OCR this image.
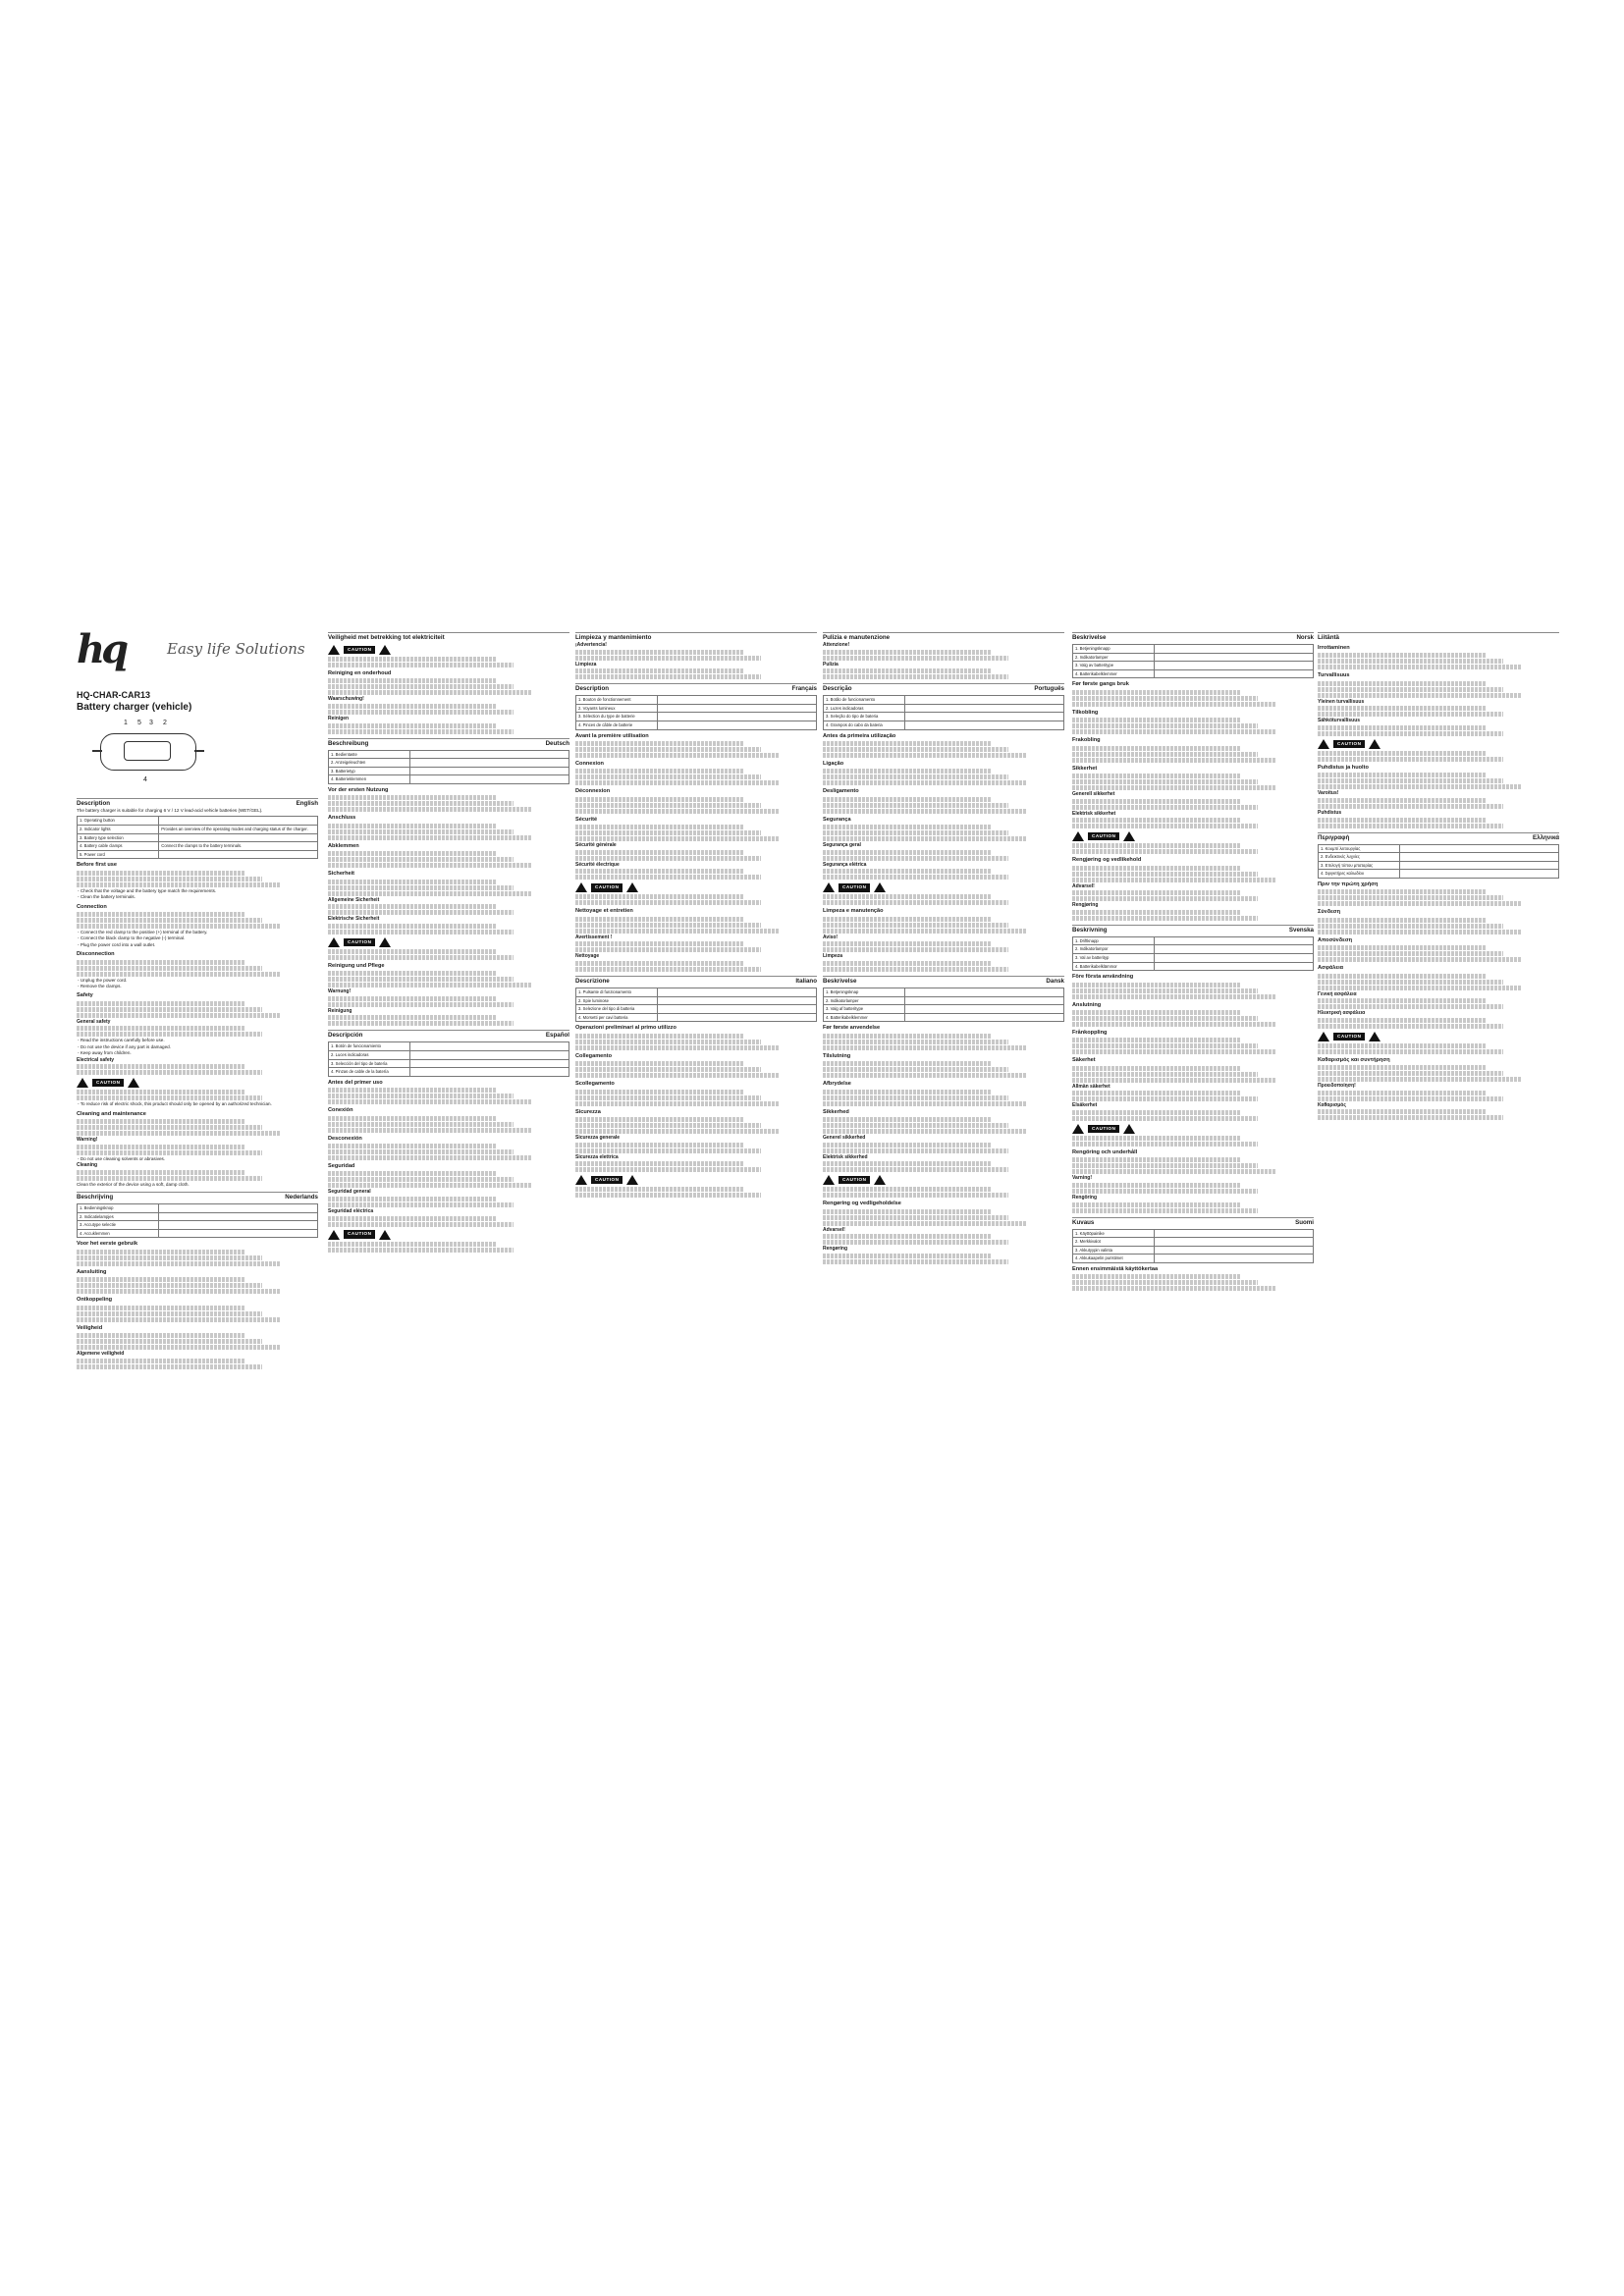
hq	Easy life Solutions
HQ-CHAR-CAR13
Battery charger (vehicle)
1 5 3 2
4
Description	English
The battery charger is suitable for charging 6 V / 12 V lead-acid vehicle batteries (WET/GEL).
1. Operating button	
2. Indicator lights	Provides an overview of the operating modes and charging status of the charger.
3. Battery type selection	
4. Battery cable clamps	Connect the clamps to the battery terminals.
5. Power cord	
Before first use
- Check that the voltage and the battery type match the requirements.
- Clean the battery terminals.
Connection
- Connect the red clamp to the positive (+) terminal of the battery.
- Connect the black clamp to the negative (-) terminal.
- Plug the power cord into a wall outlet.
Disconnection
- Unplug the power cord.
- Remove the clamps.
Safety
General safety
- Read the instructions carefully before use.
- Do not use the device if any part is damaged.
- Keep away from children.
Electrical safety
CAUTION
- To reduce risk of electric shock, this product should only be opened by an authorized technician.
Cleaning and maintenance
Warning!
- Do not use cleaning solvents or abrasives.
Cleaning
Clean the exterior of the device using a soft, damp cloth.
Beschrijving	Nederlands
1. Bedieningsknop	
2. Indicatielampjes	
3. Accutype selectie	
4. Accuklemmen	
Voor het eerste gebruik
Aansluiting
Ontkoppeling
Veiligheid
Algemene veiligheid
Veiligheid met betrekking tot elektriciteit
CAUTION
Reiniging en onderhoud
Waarschuwing!
Reinigen
Beschreibung	Deutsch
1. Bedientaste	
2. Anzeigeleuchten	
3. Batterietyp	
4. Batterieklemmen	
Vor der ersten Nutzung
Anschluss
Abklemmen
Sicherheit
Allgemeine Sicherheit
Elektrische Sicherheit
CAUTION
Reinigung und Pflege
Warnung!
Reinigung
Descripción	Español
1. Botón de funcionamiento	
2. Luces indicadoras	
3. Selección del tipo de batería	
4. Pinzas de cable de la batería	
Antes del primer uso
Conexión
Desconexión
Seguridad
Seguridad general
Seguridad eléctrica
CAUTION
Limpieza y mantenimiento
¡Advertencia!
Limpieza
Description	Français
1. Bouton de fonctionnement	
2. Voyants lumineux	
3. Sélection du type de batterie	
4. Pinces de câble de batterie	
Avant la première utilisation
Connexion
Déconnexion
Sécurité
Sécurité générale
Sécurité électrique
CAUTION
Nettoyage et entretien
Avertissement !
Nettoyage
Descrizione	Italiano
1. Pulsante di funzionamento	
2. Spie luminose	
3. Selezione del tipo di batteria	
4. Morsetti per cavi batteria	
Operazioni preliminari al primo utilizzo
Collegamento
Scollegamento
Sicurezza
Sicurezza generale
Sicurezza elettrica
CAUTION
Pulizia e manutenzione
Attenzione!
Pulizia
Descrição	Português
1. Botão de funcionamento	
2. Luzes indicadoras	
3. Seleção do tipo de bateria	
4. Grampos do cabo da bateria	
Antes da primeira utilização
Ligação
Desligamento
Segurança
Segurança geral
Segurança elétrica
CAUTION
Limpeza e manutenção
Aviso!
Limpeza
Beskrivelse	Dansk
1. Betjeningsknap	
2. Indikatorlamper	
3. Valg af batteritype	
4. Batterikabelklemmer	
Før første anvendelse
Tilslutning
Afbrydelse
Sikkerhed
Generel sikkerhed
Elektrisk sikkerhed
CAUTION
Rengøring og vedligeholdelse
Advarsel!
Rengøring
Beskrivelse	Norsk
1. Betjeningsknapp	
2. Indikatorlamper	
3. Valg av batteritype	
4. Batterikabelklemmer	
Før første gangs bruk
Tilkobling
Frakobling
Sikkerhet
Generell sikkerhet
Elektrisk sikkerhet
CAUTION
Rengjøring og vedlikehold
Advarsel!
Rengjøring
Beskrivning	Svenska
1. Driftknapp	
2. Indikatorlampor	
3. Val av batterityp	
4. Batterikabelklämmor	
Före första användning
Anslutning
Frånkoppling
Säkerhet
Allmän säkerhet
Elsäkerhet
CAUTION
Rengöring och underhåll
Varning!
Rengöring
Kuvaus	Suomi
1. Käyttöpainike	
2. Merkkivalot	
3. Akkutyypin valinta	
4. Akkukaapelin puristimet	
Ennen ensimmäistä käyttökertaa
Liitäntä
Irrottaminen
Turvallisuus
Yleinen turvallisuus
Sähköturvallisuus
CAUTION
Puhdistus ja huolto
Varoitus!
Puhdistus
Περιγραφή	Ελληνικά
1. Κουμπί λειτουργίας	
2. Ενδεικτικές λυχνίες	
3. Επιλογή τύπου μπαταρίας	
4. Σφιγκτήρες καλωδίου	
Πριν την πρώτη χρήση
Σύνδεση
Αποσύνδεση
Ασφάλεια
Γενική ασφάλεια
Ηλεκτρική ασφάλεια
CAUTION
Καθαρισμός και συντήρηση
Προειδοποίηση!
Καθαρισμός
